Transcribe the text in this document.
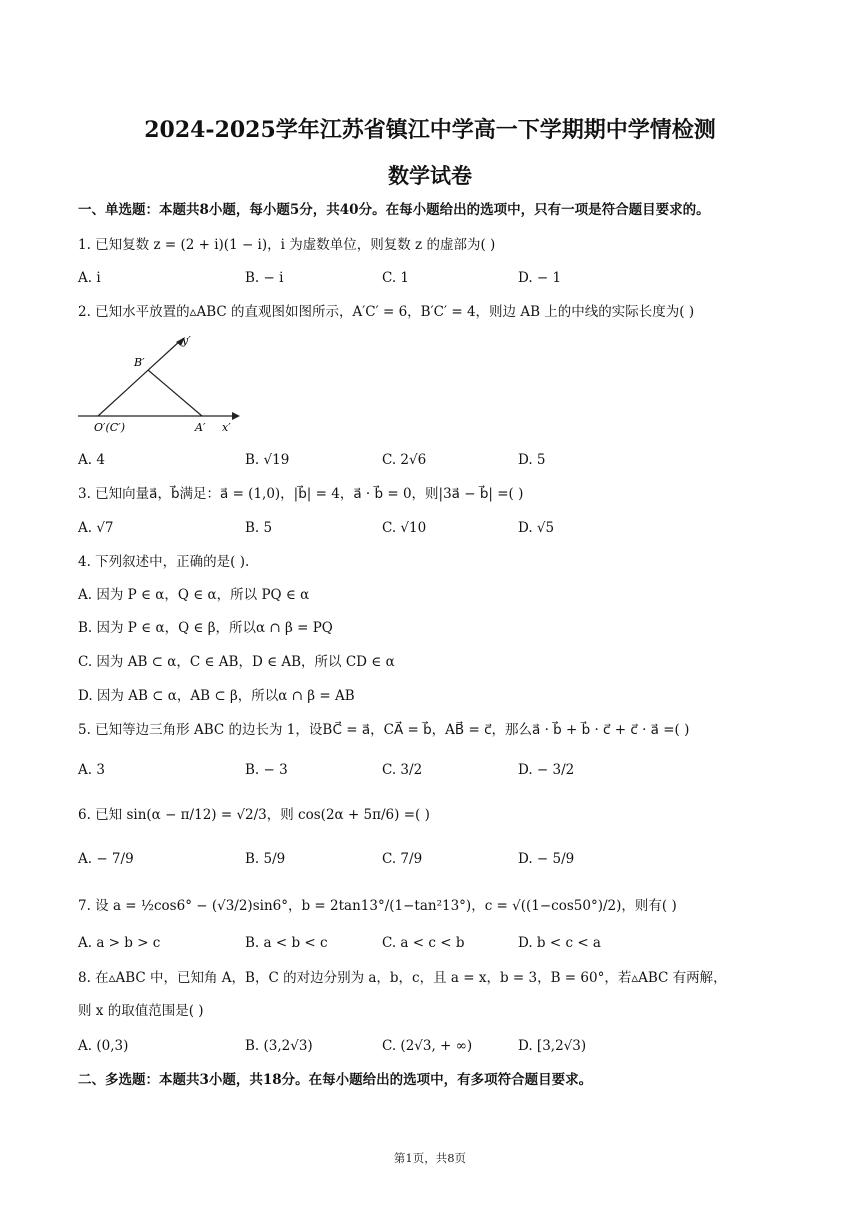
2024-2025学年江苏省镇江中学高一下学期期中学情检测
数学试卷
一、单选题：本题共8小题，每小题5分，共40分。在每小题给出的选项中，只有一项是符合题目要求的。
1. 已知复数 z = (2 + i)(1 − i)，i 为虚数单位，则复数 z 的虚部为( )
A. i	B. − i	C. 1	D. − 1
2. 已知水平放置的▵ABC 的直观图如图所示，A′C′ = 6，B′C′ = 4，则边 AB 上的中线的实际长度为( )
y′
B′
O′(C′)	A′ x′
A. 4	B. √19	C. 2√6	D. 5
3. 已知向量a⃗，b⃗满足：a⃗ = (1,0)，|b⃗| = 4，a⃗ · b⃗ = 0，则|3a⃗ − b⃗| =( )
A. √7	B. 5	C. √10	D. √5
4. 下列叙述中，正确的是( ).
A. 因为 P ∈ α，Q ∈ α，所以 PQ ∈ α
B. 因为 P ∈ α，Q ∈ β，所以α ∩ β = PQ
C. 因为 AB ⊂ α，C ∈ AB，D ∈ AB，所以 CD ∈ α
D. 因为 AB ⊂ α，AB ⊂ β，所以α ∩ β = AB
5. 已知等边三角形 ABC 的边长为 1，设BC⃗ = a⃗，CA⃗ = b⃗，AB⃗ = c⃗，那么a⃗ · b⃗ + b⃗ · c⃗ + c⃗ · a⃗ =( )
A. 3	B. − 3	C. 3/2	D. − 3/2
6. 已知 sin(α − π/12) = √2/3，则 cos(2α + 5π/6) =( )
A. − 7/9	B. 5/9	C. 7/9	D. − 5/9
7. 设 a = ½cos6° − (√3/2)sin6°，b = 2tan13°/(1−tan²13°)，c = √((1−cos50°)/2)，则有( )
A. a > b > c	B. a < b < c	C. a < c < b	D. b < c < a
8. 在▵ABC 中，已知角 A，B，C 的对边分别为 a，b，c，且 a = x，b = 3，B = 60°，若▵ABC 有两解，
则 x 的取值范围是( )
A. (0,3)	B. (3,2√3)	C. (2√3, + ∞)	D. [3,2√3)
二、多选题：本题共3小题，共18分。在每小题给出的选项中，有多项符合题目要求。
第1页，共8页
